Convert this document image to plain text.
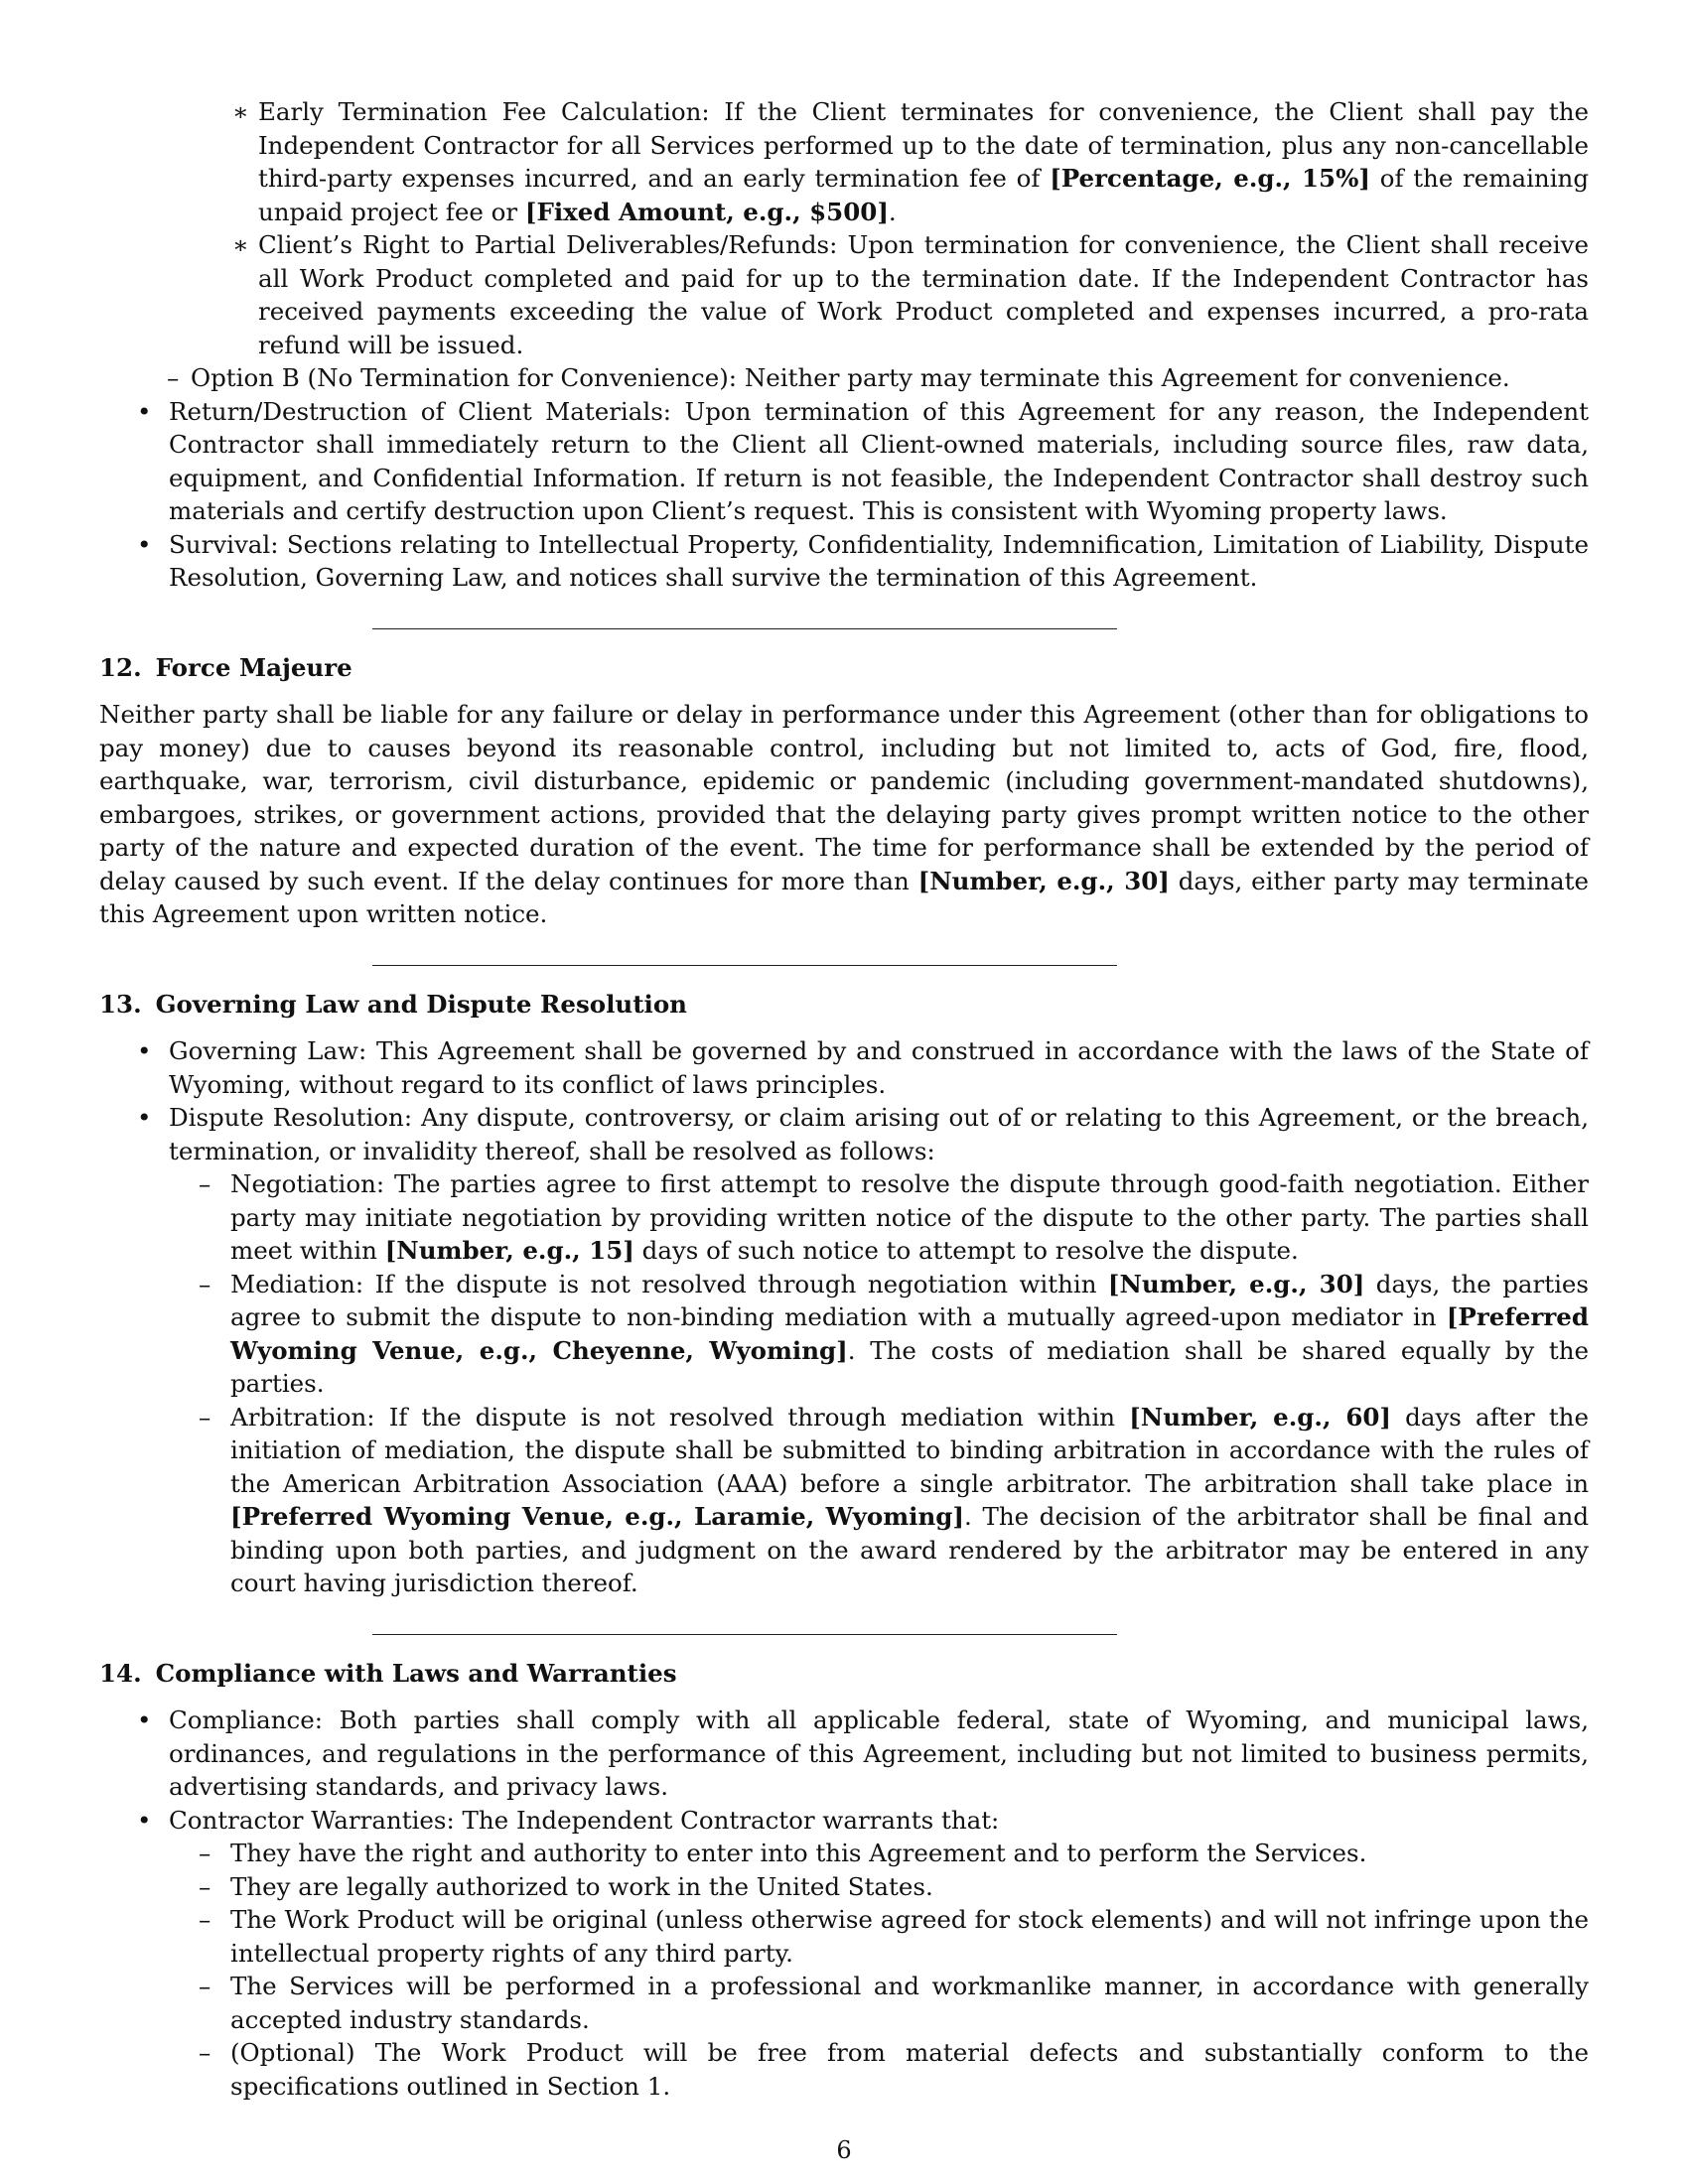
∗ Early Termination Fee Calculation: If the Client terminates for convenience, the Client shall pay the Independent Contractor for all Services performed up to the date of termination, plus any non-cancellable third-party expenses incurred, and an early termination fee of [Percentage, e.g., 15%] of the remaining unpaid project fee or [Fixed Amount, e.g., $500].
∗ Client’s Right to Partial Deliverables/Refunds: Upon termination for convenience, the Client shall receive all Work Product completed and paid for up to the termination date. If the Independent Contractor has received payments exceeding the value of Work Product completed and expenses incurred, a pro-rata refund will be issued.
– Option B (No Termination for Convenience): Neither party may terminate this Agreement for convenience.
• Return/Destruction of Client Materials: Upon termination of this Agreement for any reason, the Independent Contractor shall immediately return to the Client all Client-owned materials, including source files, raw data, equipment, and Confidential Information. If return is not feasible, the Independent Contractor shall destroy such materials and certify destruction upon Client’s request. This is consistent with Wyoming property laws.
• Survival: Sections relating to Intellectual Property, Confidentiality, Indemnification, Limitation of Liability, Dispute Resolution, Governing Law, and notices shall survive the termination of this Agreement.
12. Force Majeure

Neither party shall be liable for any failure or delay in performance under this Agreement (other than for obligations to pay money) due to causes beyond its reasonable control, including but not limited to, acts of God, fire, flood, earthquake, war, terrorism, civil disturbance, epidemic or pandemic (including government-mandated shutdowns), embargoes, strikes, or government actions, provided that the delaying party gives prompt written notice to the other party of the nature and expected duration of the event. The time for performance shall be extended by the period of delay caused by such event. If the delay continues for more than [Number, e.g., 30] days, either party may terminate this Agreement upon written notice.

13. Governing Law and Dispute Resolution
• Governing Law: This Agreement shall be governed by and construed in accordance with the laws of the State of Wyoming, without regard to its conflict of laws principles.
• Dispute Resolution: Any dispute, controversy, or claim arising out of or relating to this Agreement, or the breach, termination, or invalidity thereof, shall be resolved as follows:
– Negotiation: The parties agree to first attempt to resolve the dispute through good-faith negotiation. Either party may initiate negotiation by providing written notice of the dispute to the other party. The parties shall meet within [Number, e.g., 15] days of such notice to attempt to resolve the dispute.
– Mediation: If the dispute is not resolved through negotiation within [Number, e.g., 30] days, the parties agree to submit the dispute to non-binding mediation with a mutually agreed-upon mediator in [Preferred Wyoming Venue, e.g., Cheyenne, Wyoming]. The costs of mediation shall be shared equally by the parties.
– Arbitration: If the dispute is not resolved through mediation within [Number, e.g., 60] days after the initiation of mediation, the dispute shall be submitted to binding arbitration in accordance with the rules of the American Arbitration Association (AAA) before a single arbitrator. The arbitration shall take place in [Preferred Wyoming Venue, e.g., Laramie, Wyoming]. The decision of the arbitrator shall be final and binding upon both parties, and judgment on the award rendered by the arbitrator may be entered in any court having jurisdiction thereof.
14. Compliance with Laws and Warranties
• Compliance: Both parties shall comply with all applicable federal, state of Wyoming, and municipal laws, ordinances, and regulations in the performance of this Agreement, including but not limited to business permits, advertising standards, and privacy laws.
• Contractor Warranties: The Independent Contractor warrants that:
– They have the right and authority to enter into this Agreement and to perform the Services.
– They are legally authorized to work in the United States.
– The Work Product will be original (unless otherwise agreed for stock elements) and will not infringe upon the intellectual property rights of any third party.
– The Services will be performed in a professional and workmanlike manner, in accordance with generally accepted industry standards.
– (Optional) The Work Product will be free from material defects and substantially conform to the specifications outlined in Section 1.
6
